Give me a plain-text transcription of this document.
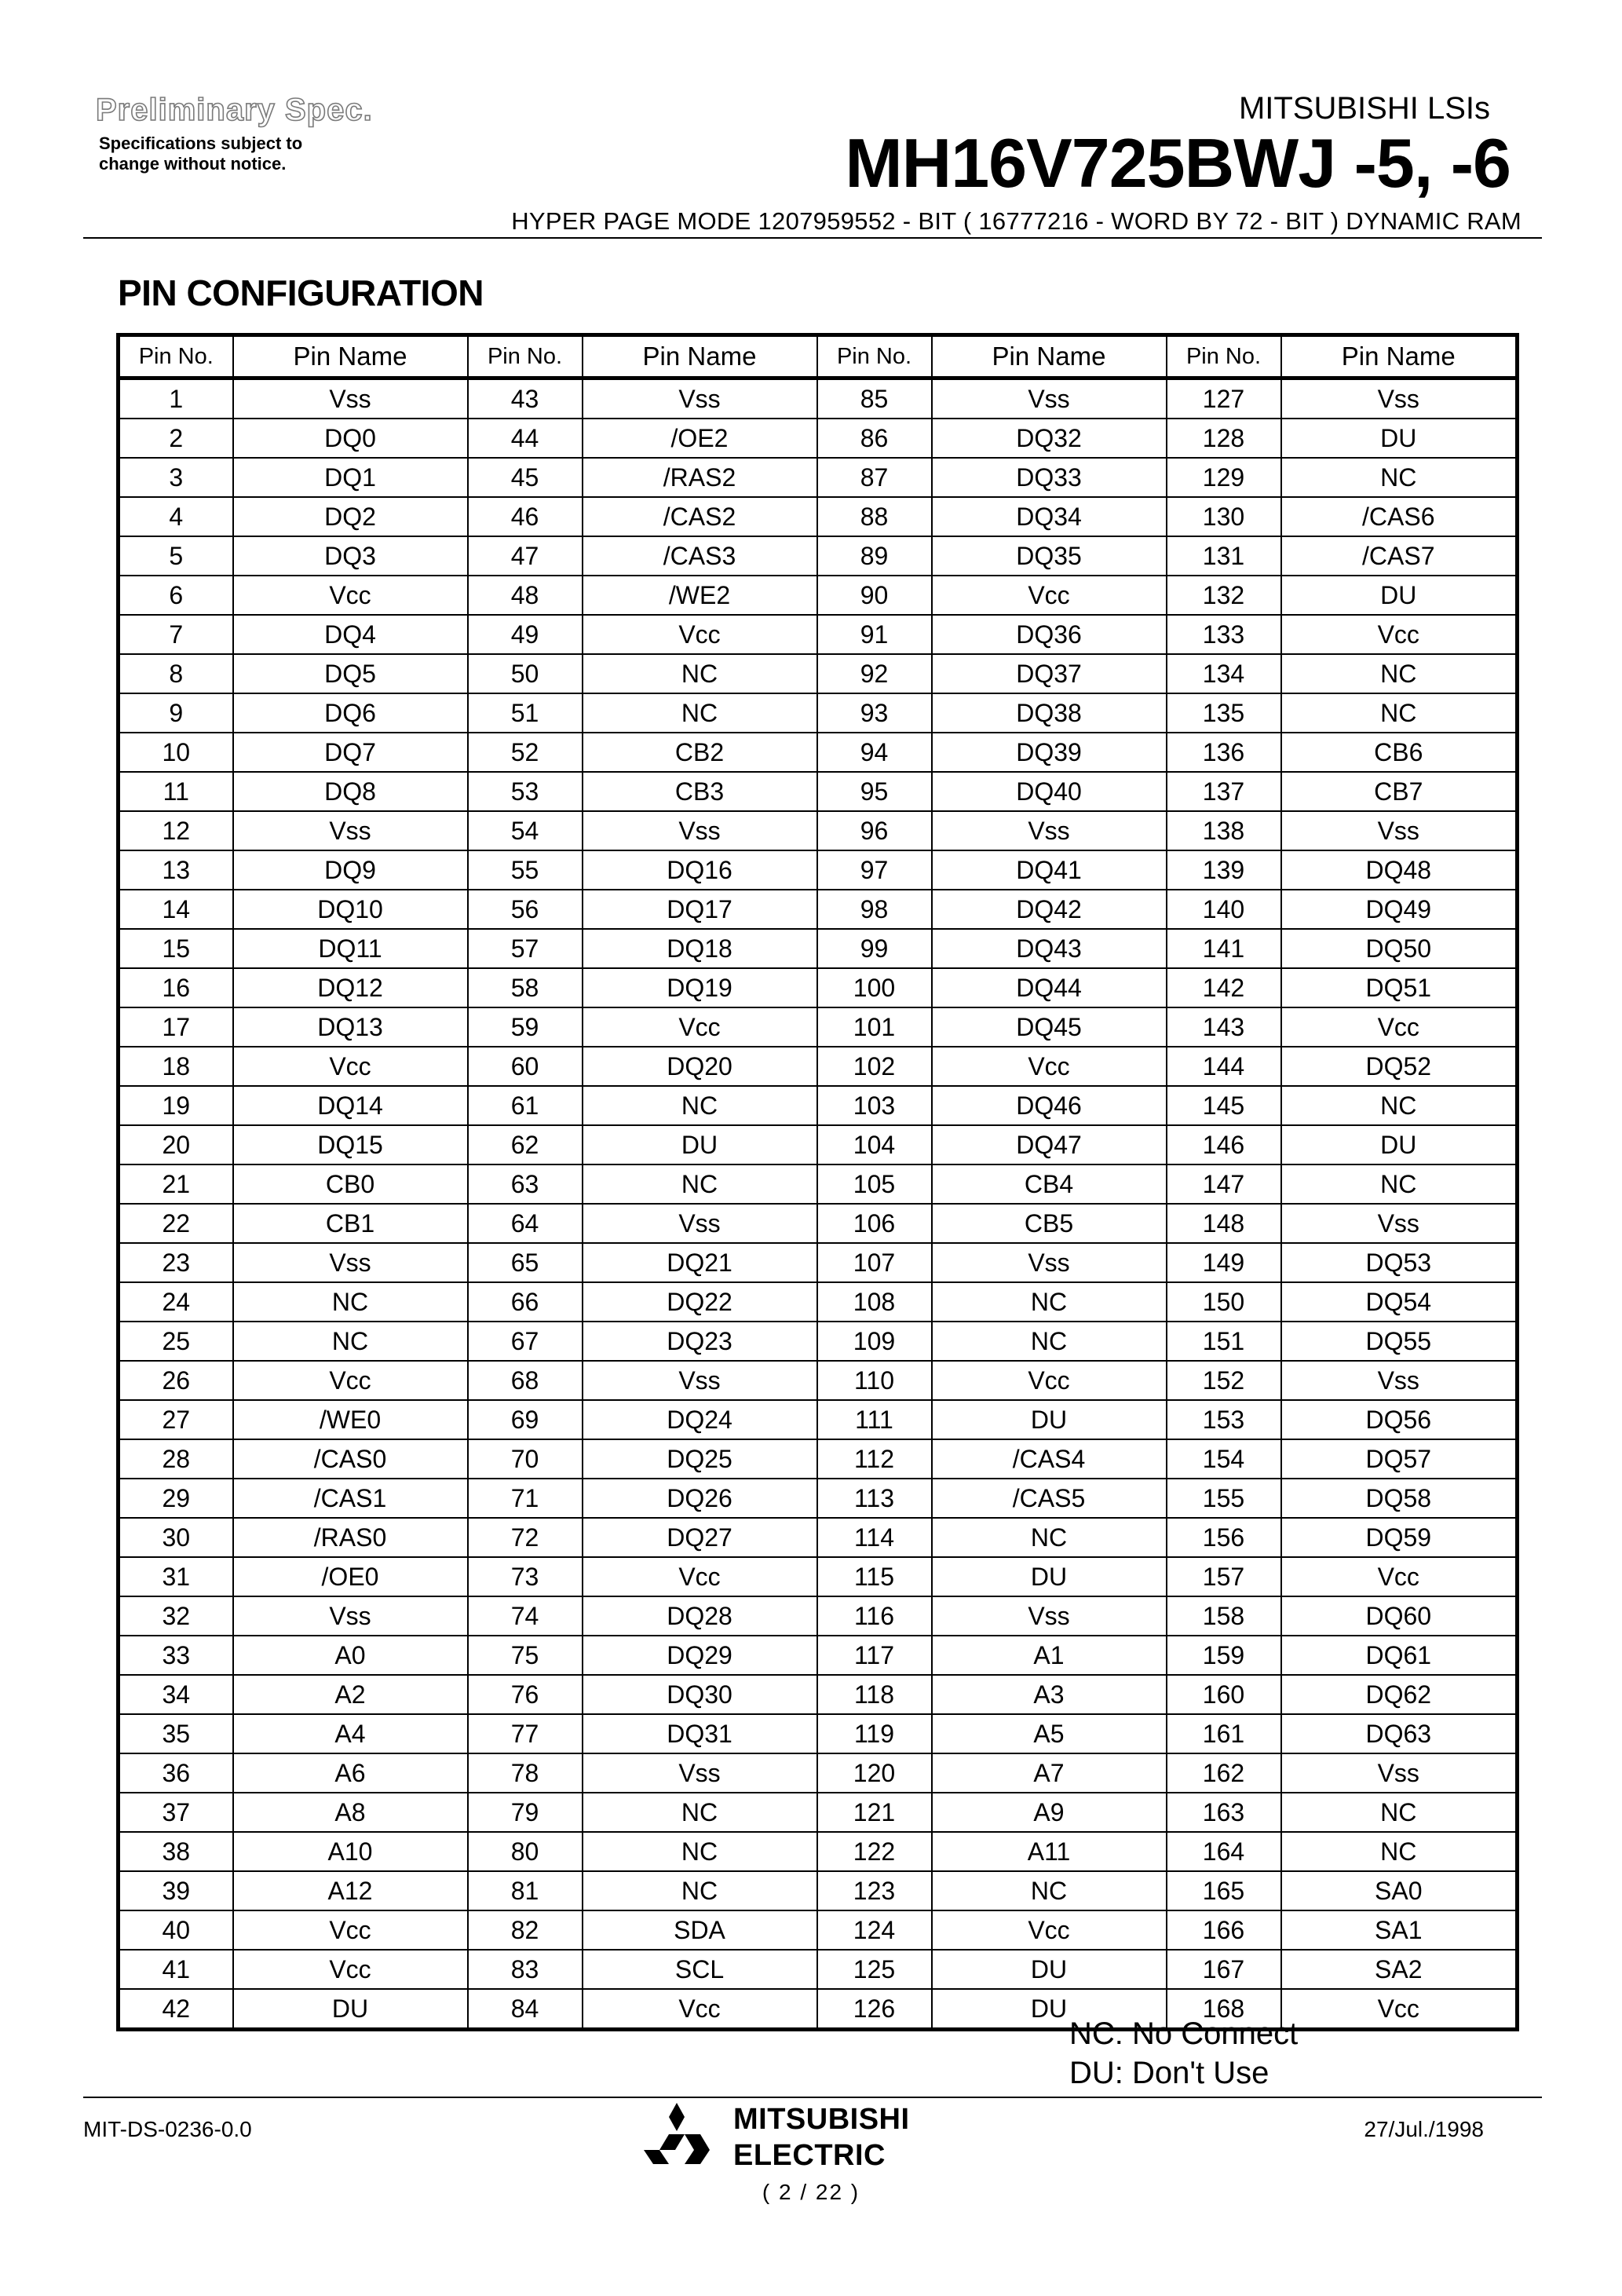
Preliminary Spec.
Specifications subject to
change without notice.
MITSUBISHI LSIs
MH16V725BWJ -5, -6
HYPER PAGE MODE 1207959552 - BIT ( 16777216 - WORD BY 72 - BIT ) DYNAMIC RAM
PIN CONFIGURATION
Pin No.	Pin Name	Pin No.	Pin Name	Pin No.	Pin Name	Pin No.	Pin Name
1	Vss	43	Vss	85	Vss	127	Vss
2	DQ0	44	/OE2	86	DQ32	128	DU
3	DQ1	45	/RAS2	87	DQ33	129	NC
4	DQ2	46	/CAS2	88	DQ34	130	/CAS6
5	DQ3	47	/CAS3	89	DQ35	131	/CAS7
6	Vcc	48	/WE2	90	Vcc	132	DU
7	DQ4	49	Vcc	91	DQ36	133	Vcc
8	DQ5	50	NC	92	DQ37	134	NC
9	DQ6	51	NC	93	DQ38	135	NC
10	DQ7	52	CB2	94	DQ39	136	CB6
11	DQ8	53	CB3	95	DQ40	137	CB7
12	Vss	54	Vss	96	Vss	138	Vss
13	DQ9	55	DQ16	97	DQ41	139	DQ48
14	DQ10	56	DQ17	98	DQ42	140	DQ49
15	DQ11	57	DQ18	99	DQ43	141	DQ50
16	DQ12	58	DQ19	100	DQ44	142	DQ51
17	DQ13	59	Vcc	101	DQ45	143	Vcc
18	Vcc	60	DQ20	102	Vcc	144	DQ52
19	DQ14	61	NC	103	DQ46	145	NC
20	DQ15	62	DU	104	DQ47	146	DU
21	CB0	63	NC	105	CB4	147	NC
22	CB1	64	Vss	106	CB5	148	Vss
23	Vss	65	DQ21	107	Vss	149	DQ53
24	NC	66	DQ22	108	NC	150	DQ54
25	NC	67	DQ23	109	NC	151	DQ55
26	Vcc	68	Vss	110	Vcc	152	Vss
27	/WE0	69	DQ24	111	DU	153	DQ56
28	/CAS0	70	DQ25	112	/CAS4	154	DQ57
29	/CAS1	71	DQ26	113	/CAS5	155	DQ58
30	/RAS0	72	DQ27	114	NC	156	DQ59
31	/OE0	73	Vcc	115	DU	157	Vcc
32	Vss	74	DQ28	116	Vss	158	DQ60
33	A0	75	DQ29	117	A1	159	DQ61
34	A2	76	DQ30	118	A3	160	DQ62
35	A4	77	DQ31	119	A5	161	DQ63
36	A6	78	Vss	120	A7	162	Vss
37	A8	79	NC	121	A9	163	NC
38	A10	80	NC	122	A11	164	NC
39	A12	81	NC	123	NC	165	SA0
40	Vcc	82	SDA	124	Vcc	166	SA1
41	Vcc	83	SCL	125	DU	167	SA2
42	DU	84	Vcc	126	DU	168	Vcc
NC: No Connect
DU: Don't Use
MIT-DS-0236-0.0	MITSUBISHI
ELECTRIC
27/Jul./1998
( 2 / 22 )
